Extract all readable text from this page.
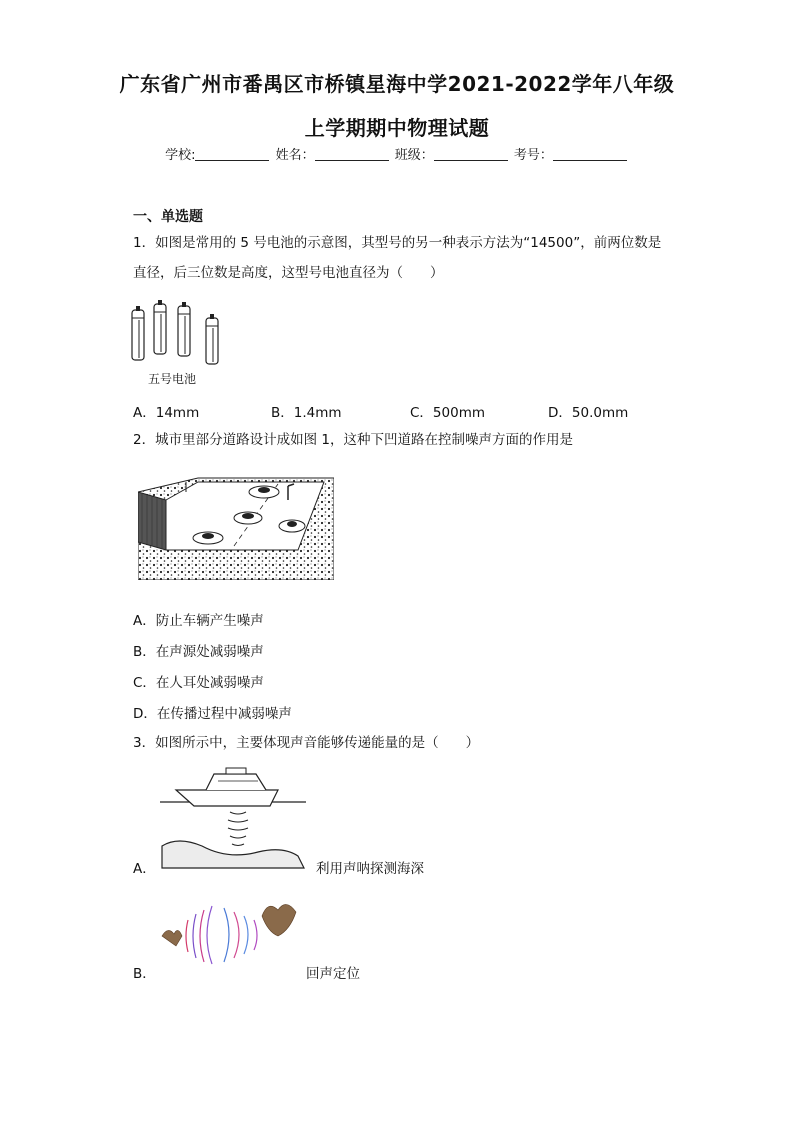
广东省广州市番禺区市桥镇星海中学2021-2022学年八年级
上学期期中物理试题
学校:	姓名：	班级：	考号：
一、单选题
1．如图是常用的 5 号电池的示意图，其型号的另一种表示方法为“14500”，前两位数是
直径，后三位数是高度，这型号电池直径为（　　）
五号电池
A．14mm	B．1.4mm	C．500mm	D．50.0mm
2．城市里部分道路设计成如图 1，这种下凹道路在控制噪声方面的作用是
A．防止车辆产生噪声
B．在声源处减弱噪声
C．在人耳处减弱噪声
D．在传播过程中减弱噪声
3．如图所示中，主要体现声音能够传递能量的是（　　）
A．	利用声呐探测海深
B．	回声定位
